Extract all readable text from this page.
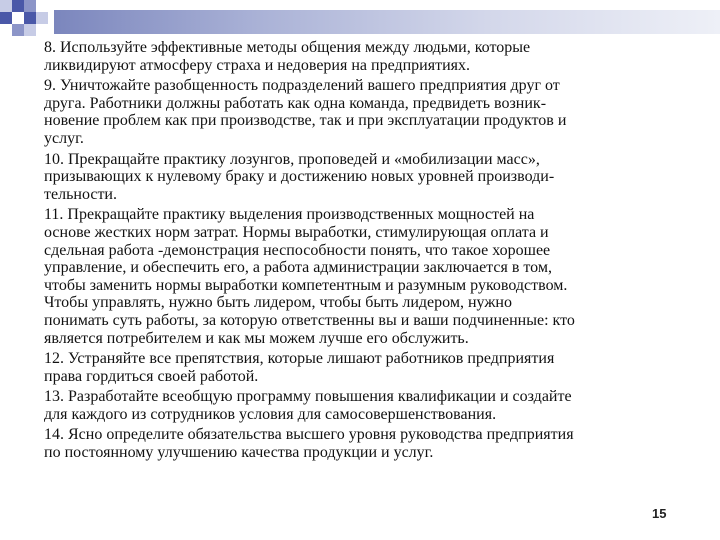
8. Используйте эффективные методы общения между людьми, которые
ликвидируют атмосферу страха и недоверия на предприятиях.
9. Уничтожайте разобщенность подразделений вашего предприятия друг от
друга. Работники должны работать как одна команда, предвидеть возник-
новение проблем как при производстве, так и при эксплуатации продуктов и
услуг.
10. Прекращайте практику лозунгов, проповедей и «мобилизации масс»,
призывающих к нулевому браку и достижению новых уровней производи-
тельности.
11. Прекращайте практику выделения производственных мощностей на
основе жестких норм затрат. Нормы выработки, стимулирующая оплата и
сдельная работа -демонстрация неспособности понять, что такое хорошее
управление, и обеспечить его, а работа администрации заключается в том,
чтобы заменить нормы выработки компетентным и разумным руководством.
Чтобы управлять, нужно быть лидером, чтобы быть лидером, нужно
понимать суть работы, за которую ответственны вы и ваши подчиненные: кто
является потребителем и как мы можем лучше его обслужить.
12. Устраняйте все препятствия, которые лишают работников предприятия
права гордиться своей работой.
13. Разработайте всеобщую программу повышения квалификации и создайте
для каждого из сотрудников условия для самосовершенствования.
14. Ясно определите обязательства высшего уровня руководства предприятия
по постоянному улучшению качества продукции и услуг.
15
